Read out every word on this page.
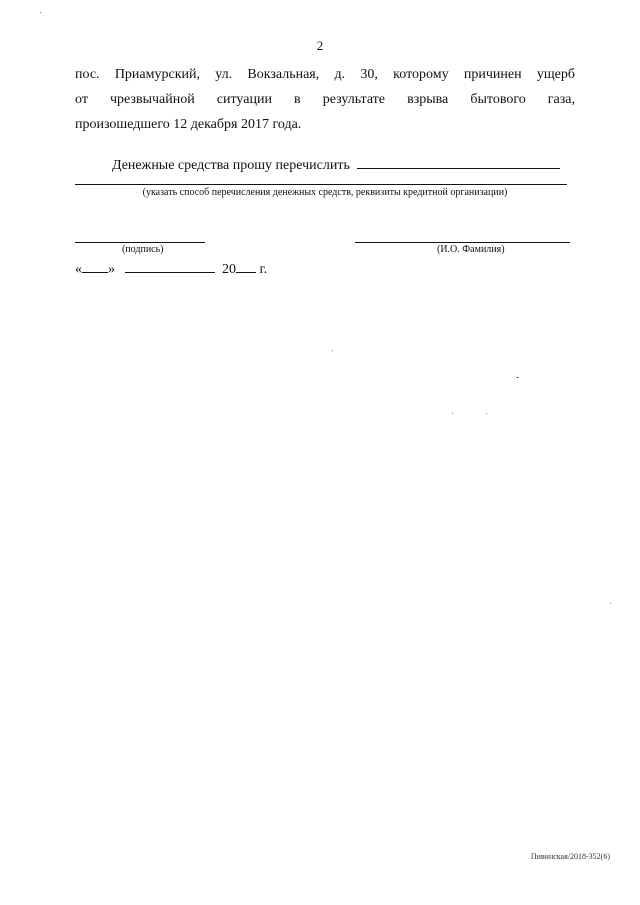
2
пос. Приамурский, ул. Вокзальная, д. 30, которому причинен ущерб
от чрезвычайной ситуации в результате взрыва бытового газа,
произошедшего 12 декабря 2017 года.
Денежные средства прошу перечислить
(указать способ перечисления денежных средств, реквизиты кредитной организации)
(подпись)	(И.О. Фамилия)
« »	20 г.
Пивинская/2018-352(6)
